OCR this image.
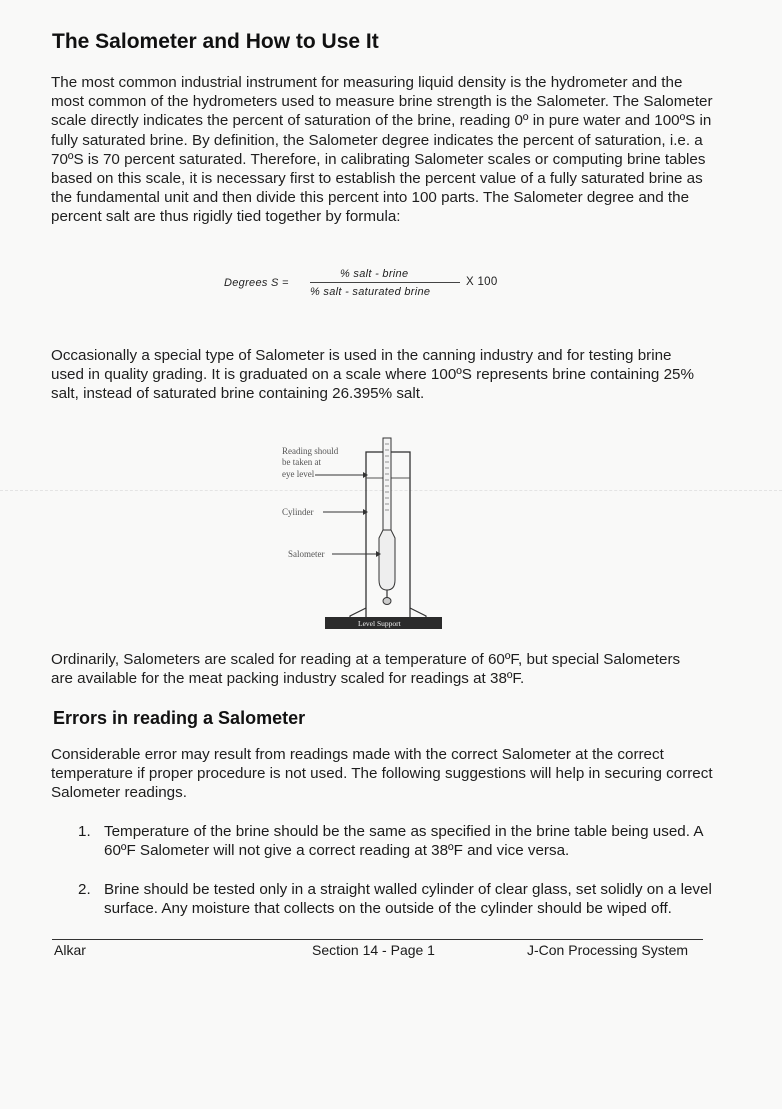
The Salometer and How to Use It
The most common industrial instrument for measuring liquid density is the hydrometer and the most common of the hydrometers used to measure brine strength is the Salometer. The Salometer scale directly indicates the percent of saturation of the brine, reading 0º in pure water and 100ºS in fully saturated brine. By definition, the Salometer degree indicates the percent of saturation, i.e. a 70ºS is 70 percent saturated. Therefore, in calibrating Salometer scales or computing brine tables based on this scale, it is necessary first to establish the percent value of a fully saturated brine as the fundamental unit and then divide this percent into 100 parts. The Salometer degree and the percent salt are thus rigidly tied together by formula:
Degrees S =
% salt - brine
% salt - saturated brine
X 100
Occasionally a special type of Salometer is used in the canning industry and for testing brine used in quality grading. It is graduated on a scale where 100ºS represents brine containing 25% salt, instead of saturated brine containing 26.395% salt.
Level Support
Reading should
be taken at
eye level
Cylinder
Salometer
Ordinarily, Salometers are scaled for reading at a temperature of 60ºF, but special Salometers are available for the meat packing industry scaled for readings at 38ºF.
Errors in reading a Salometer
Considerable error may result from readings made with the correct Salometer at the correct temperature if proper procedure is not used. The following suggestions will help in securing correct Salometer readings.
1. Temperature of the brine should be the same as specified in the brine table being used. A 60ºF Salometer will not give a correct reading at 38ºF and vice versa.
2. Brine should be tested only in a straight walled cylinder of clear glass, set solidly on a level surface. Any moisture that collects on the outside of the cylinder should be wiped off.
Alkar	Section 14 - Page 1	J-Con Processing System
